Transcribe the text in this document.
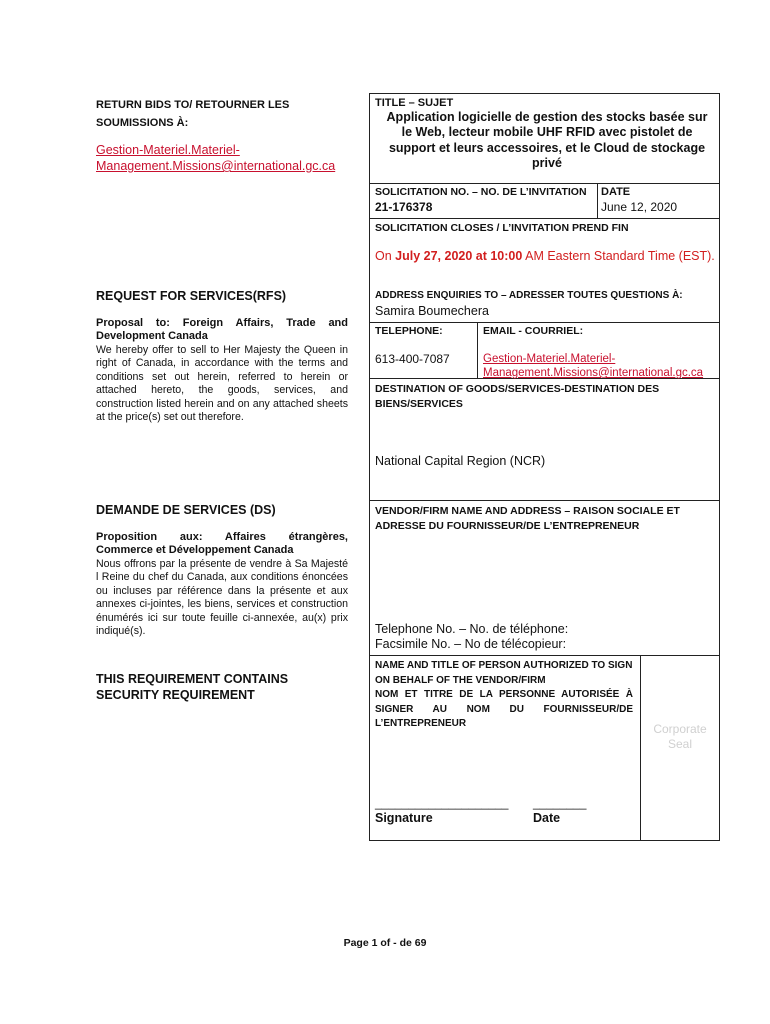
RETURN BIDS TO/ RETOURNER LES SOUMISSIONS À:
Gestion-Materiel.Materiel-
Management.Missions@international.gc.ca
REQUEST FOR SERVICES(RFS)
Proposal to: Foreign Affairs, Trade and Development Canada
We hereby offer to sell to Her Majesty the Queen in right of Canada, in accordance with the terms and conditions set out herein, referred to herein or attached hereto, the goods, services, and construction listed herein and on any attached sheets at the price(s) set out therefore.
DEMANDE DE SERVICES (DS)
Proposition aux: Affaires étrangères, Commerce et Développement Canada
Nous offrons par la présente de vendre à Sa Majesté l Reine du chef du Canada, aux conditions énoncées ou incluses par référence dans la présente et aux annexes ci-jointes, les biens, services et construction énumérés ici sur toute feuille ci-annexée, au(x) prix indiqué(s).
THIS REQUIREMENT CONTAINS
SECURITY REQUIREMENT
TITLE – SUJET
Application logicielle de gestion des stocks basée sur le Web, lecteur mobile UHF RFID avec pistolet de support et leurs accessoires, et le Cloud de stockage privé
SOLICITATION NO. – NO. DE L’INVITATION
21-176378
DATE
June 12, 2020
SOLICITATION CLOSES / L’INVITATION PREND FIN
On July 27, 2020 at 10:00 AM Eastern Standard Time (EST).
ADDRESS ENQUIRIES TO – ADRESSER TOUTES QUESTIONS À:
Samira Boumechera
TELEPHONE:	EMAIL - COURRIEL:
613-400-7087	Gestion-Materiel.Materiel-
Management.Missions@international.gc.ca
DESTINATION OF GOODS/SERVICES-DESTINATION DES BIENS/SERVICES
National Capital Region (NCR)
VENDOR/FIRM NAME AND ADDRESS – RAISON SOCIALE ET ADRESSE DU FOURNISSEUR/DE L’ENTREPRENEUR
Telephone No. – No. de téléphone:
Facsimile No. – No de télécopieur:
NAME AND TITLE OF PERSON AUTHORIZED TO SIGN ON BEHALF OF THE VENDOR/FIRM
NOM ET TITRE DE LA PERSONNE AUTORISÉE À SIGNER AU NOM DU FOURNISSEUR/DE L’ENTREPRENEUR	Corporate
Seal
____________________ ________
Signature	Date
Page 1 of - de 69
